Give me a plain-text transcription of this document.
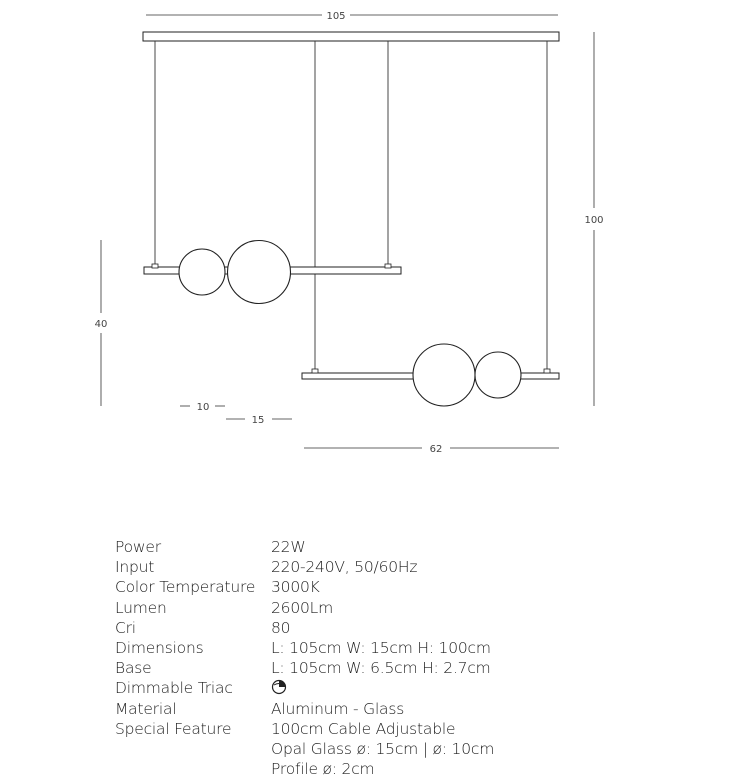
105
100
40
10
15
62
Power	22W
Input	220-240V, 50/60Hz
Color Temperature	3000K
Lumen	2600Lm
Cri	80
Dimensions	L: 105cm W: 15cm H: 100cm
Base	L: 105cm W: 6.5cm H: 2.7cm
Dimmable Triac
Material	Aluminum - Glass
Special Feature	100cm Cable Adjustable
Opal Glass ø: 15cm | ø: 10cm
Profile ø: 2cm
